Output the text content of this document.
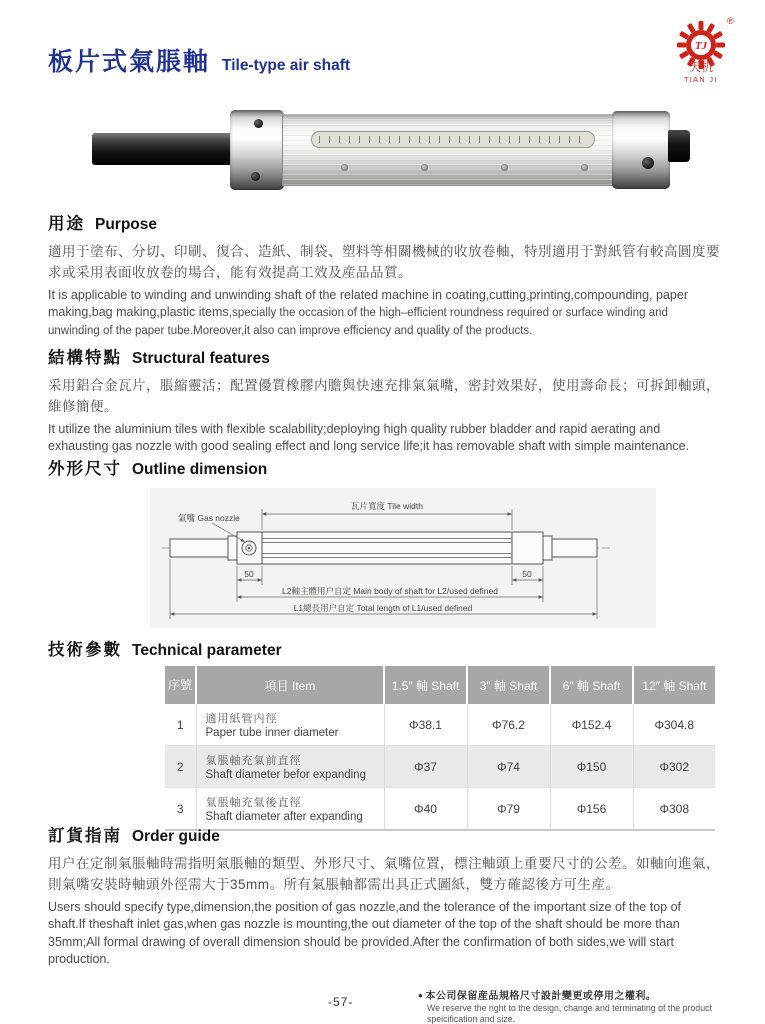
板片式氣脹軸 Tile-type air shaft
TJ
®
天机
TIAN JI
用途 Purpose

適用于塗布、分切、印刷、復合、造紙、制袋、塑料等相關機械的收放卷軸，特別適用于對紙管有較高圓度要求或采用表面收放卷的場合，能有效提高工效及産品品質。

It is applicable to winding and unwinding shaft of the related machine in coating,cutting,printing,compounding, paper making,bag making,plastic items,specially the occasion of the high–efficient roundness required or surface winding and unwinding of the paper tube.Moreover,it also can improve efficiency and quality of the products.

結構特點 Structural features

采用鋁合金瓦片，脹縮靈活；配置優質橡膠内膽與快速充排氣氣嘴，密封效果好，使用壽命長；可拆卸軸頭，維修簡便。

It utilize the aluminium tiles with flexible scalability;deploying high quality rubber bladder and rapid aerating and exhausting gas nozzle with good sealing effect and long service life;it has removable shaft with simple maintenance.

外形尺寸 Outline dimension
瓦片寬度 Tile width
氣嘴 Gas nozzle
50	50
L2軸主體用户自定 Main body of shaft for L2/used defined
L1總長用户自定 Total length of L1/used defined
技術參數 Technical parameter
序號	項目 Item	1.5″ 軸 Shaft	3″ 軸 Shaft	6″ 軸 Shaft	12″ 軸 Shaft
1	適用紙管内徑
Paper tube inner diameter	Φ38.1	Φ76.2	Φ152.4	Φ304.8
2	氣脹軸充氣前直徑
Shaft diameter befor expanding	Φ37	Φ74	Φ150	Φ302
3	氣脹軸充氣後直徑
Shaft diameter after expanding	Φ40	Φ79	Φ156	Φ308
訂貨指南 Order guide

用户在定制氣脹軸時需指明氣脹軸的類型、外形尺寸、氣嘴位置，標注軸頭上重要尺寸的公差。如軸向進氣，則氣嘴安裝時軸頭外徑需大于35mm。所有氣脹軸都需出具正式圖紙，雙方確認後方可生産。

Users should specify type,dimension,the position of gas nozzle,and the tolerance of the important size of the top of shaft.If theshaft inlet gas,when gas nozzle is mounting,the out diameter of the top of the shaft should be more than 35mm;All formal drawing of overall dimension should be provided.After the confirmation of both sides,we will start production.

-57-	● 本公司保留産品規格尺寸設計變更或停用之權利。
We reserve the right to the design, change and terminating of the product speicification and size.
